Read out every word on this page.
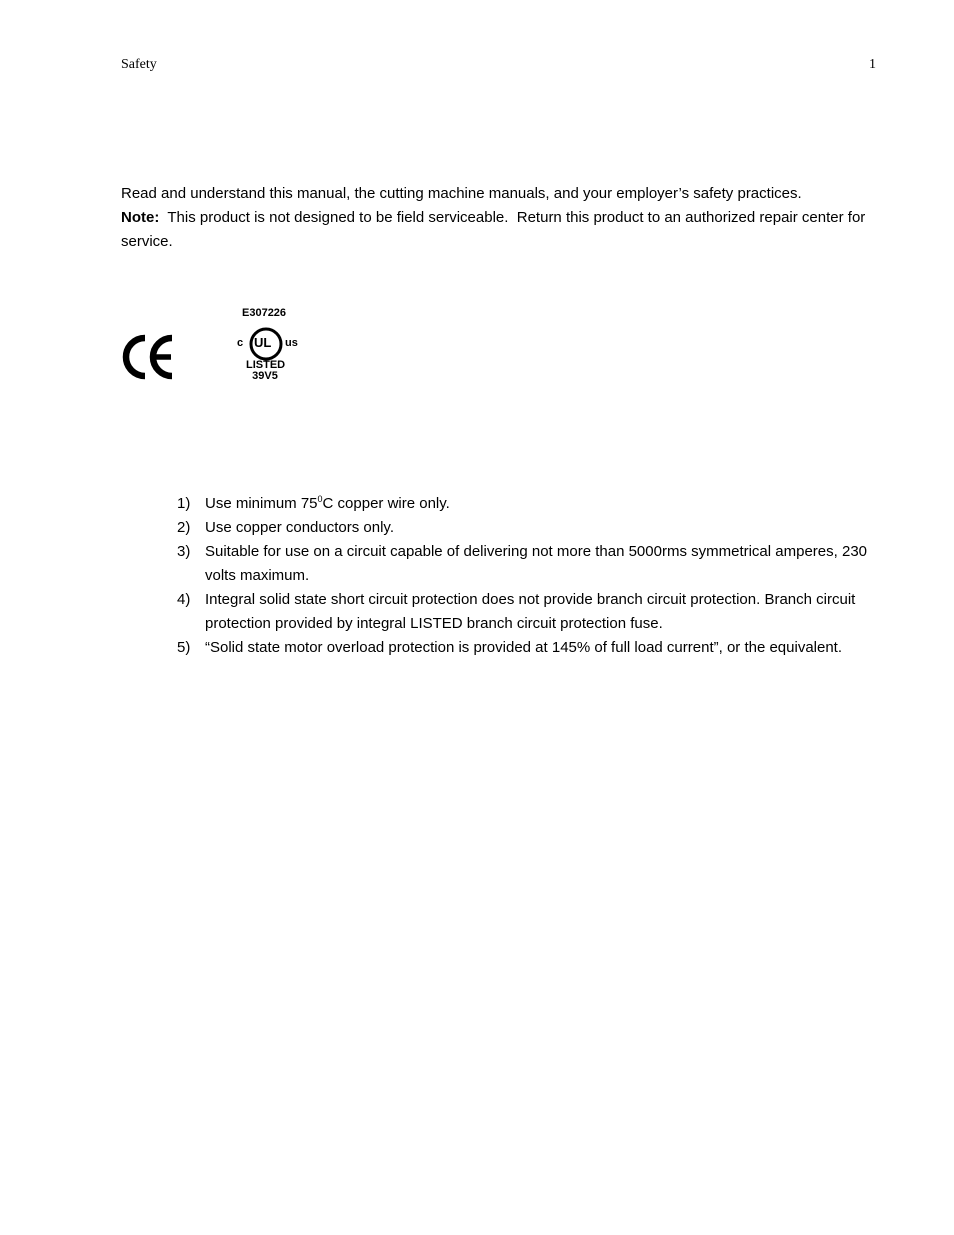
Safety	1

Read and understand this manual, the cutting machine manuals, and your employer’s safety practices.

Note:  This product is not designed to be field serviceable.  Return this product to an authorized repair center for service.

E307226
c UL us
LISTED
39V5
1) Use minimum $75^0C$ copper wire only.
2) Use copper conductors only.
3) Suitable for use on a circuit capable of delivering not more than 5000rms symmetrical amperes, 230 volts maximum.
4) Integral solid state short circuit protection does not provide branch circuit protection. Branch circuit protection provided by integral LISTED branch circuit protection fuse.
5) “Solid state motor overload protection is provided at 145% of full load current”, or the equivalent.
